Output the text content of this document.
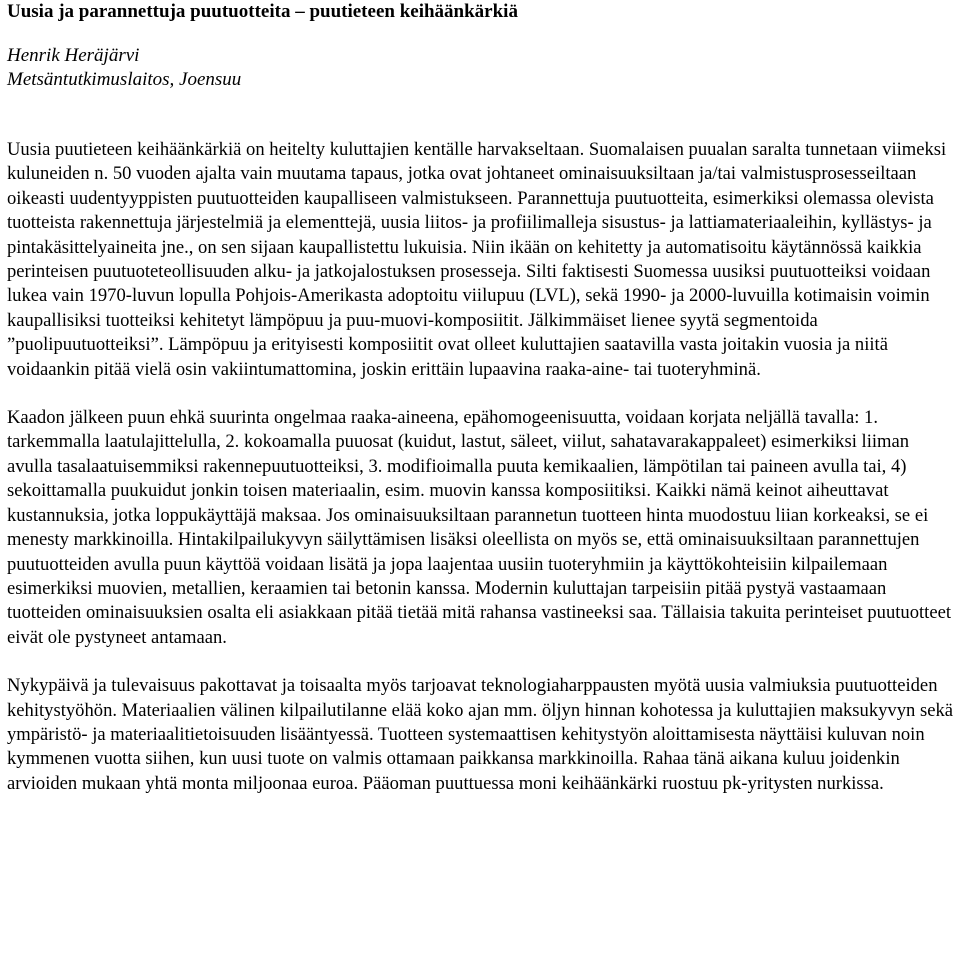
Uusia ja parannettuja puutuotteita – puutieteen keihäänkärkiä
Henrik Heräjärvi
Metsäntutkimuslaitos, Joensuu

Uusia puutieteen keihäänkärkiä on heitelty kuluttajien kentälle harvakseltaan. Suomalaisen puualan saralta tunnetaan viimeksi kuluneiden n. 50 vuoden ajalta vain muutama tapaus, jotka ovat johtaneet ominaisuuksiltaan ja/tai valmistusprosesseiltaan oikeasti uudentyyppisten puutuotteiden kaupalliseen valmistukseen. Parannettuja puutuotteita, esimerkiksi olemassa olevista tuotteista rakennettuja järjestelmiä ja elementtejä, uusia liitos- ja profiilimalleja sisustus- ja lattiamateriaaleihin, kyllästys- ja pintakäsittelyaineita jne., on sen sijaan kaupallistettu lukuisia. Niin ikään on kehitetty ja automatisoitu käytännössä kaikkia perinteisen puutuoteteollisuuden alku- ja jatkojalostuksen prosesseja. Silti faktisesti Suomessa uusiksi puutuotteiksi voidaan lukea vain 1970-luvun lopulla Pohjois-Amerikasta adoptoitu viilupuu (LVL), sekä 1990- ja 2000-luvuilla kotimaisin voimin kaupallisiksi tuotteiksi kehitetyt lämpöpuu ja puu-muovi-komposiitit. Jälkimmäiset lienee syytä segmentoida ”puolipuutuotteiksi”. Lämpöpuu ja erityisesti komposiitit ovat olleet kuluttajien saatavilla vasta joitakin vuosia ja niitä voidaankin pitää vielä osin vakiintumattomina, joskin erittäin lupaavina raaka-aine- tai tuoteryhminä.

Kaadon jälkeen puun ehkä suurinta ongelmaa raaka-aineena, epähomogeenisuutta, voidaan korjata neljällä tavalla: 1. tarkemmalla laatulajittelulla, 2. kokoamalla puuosat (kuidut, lastut, säleet, viilut, sahatavarakappaleet) esimerkiksi liiman avulla tasalaatuisemmiksi rakennepuutuotteiksi, 3. modifioimalla puuta kemikaalien, lämpötilan tai paineen avulla tai, 4) sekoittamalla puukuidut jonkin toisen materiaalin, esim. muovin kanssa komposiitiksi. Kaikki nämä keinot aiheuttavat kustannuksia, jotka loppukäyttäjä maksaa. Jos ominaisuuksiltaan parannetun tuotteen hinta muodostuu liian korkeaksi, se ei menesty markkinoilla. Hintakilpailukyvyn säilyttämisen lisäksi oleellista on myös se, että ominaisuuksiltaan parannettujen puutuotteiden avulla puun käyttöä voidaan lisätä ja jopa laajentaa uusiin tuoteryhmiin ja käyttökohteisiin kilpailemaan esimerkiksi muovien, metallien, keraamien tai betonin kanssa. Modernin kuluttajan tarpeisiin pitää pystyä vastaamaan tuotteiden ominaisuuksien osalta eli asiakkaan pitää tietää mitä rahansa vastineeksi saa. Tällaisia takuita perinteiset puutuotteet eivät ole pystyneet antamaan.

Nykypäivä ja tulevaisuus pakottavat ja toisaalta myös tarjoavat teknologiaharppausten myötä uusia valmiuksia puutuotteiden kehitystyöhön. Materiaalien välinen kilpailutilanne elää koko ajan mm. öljyn hinnan kohotessa ja kuluttajien maksukyvyn sekä ympäristö- ja materiaalitietoisuuden lisääntyessä. Tuotteen systemaattisen kehitystyön aloittamisesta näyttäisi kuluvan noin kymmenen vuotta siihen, kun uusi tuote on valmis ottamaan paikkansa markkinoilla. Rahaa tänä aikana kuluu joidenkin arvioiden mukaan yhtä monta miljoonaa euroa. Pääoman puuttuessa moni keihäänkärki ruostuu pk-yritysten nurkissa.
